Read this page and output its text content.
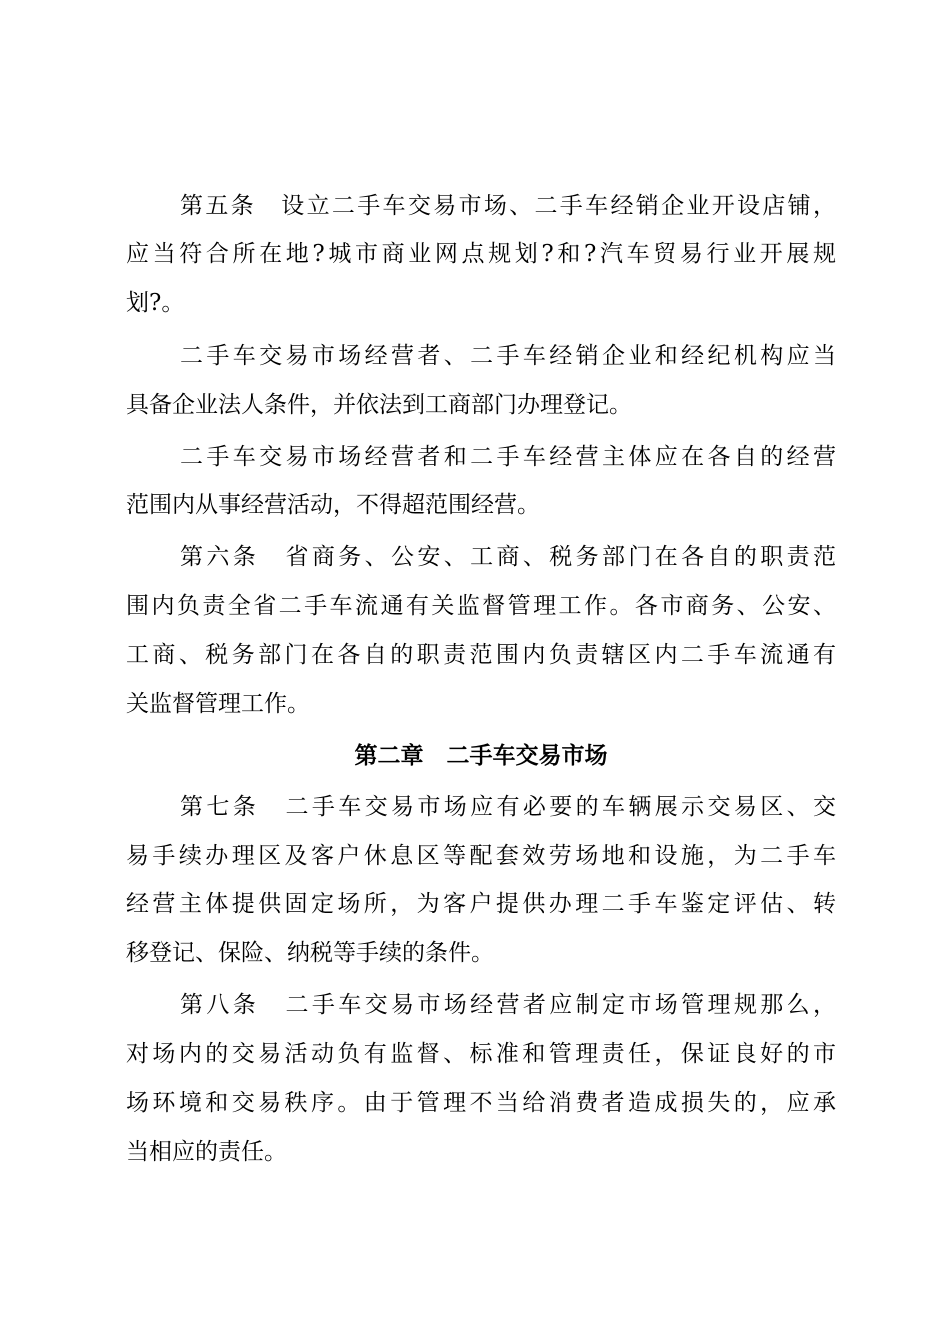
第五条　设立二手车交易市场、二手车经销企业开设店铺，
应当符合所在地?城市商业网点规划?和?汽车贸易行业开展规
划?。
二手车交易市场经营者、二手车经销企业和经纪机构应当
具备企业法人条件，并依法到工商部门办理登记。
二手车交易市场经营者和二手车经营主体应在各自的经营
范围内从事经营活动，不得超范围经营。
第六条　省商务、公安、工商、税务部门在各自的职责范
围内负责全省二手车流通有关监督管理工作。各市商务、公安、
工商、税务部门在各自的职责范围内负责辖区内二手车流通有
关监督管理工作。
第二章　二手车交易市场
第七条　二手车交易市场应有必要的车辆展示交易区、交
易手续办理区及客户休息区等配套效劳场地和设施，为二手车
经营主体提供固定场所，为客户提供办理二手车鉴定评估、转
移登记、保险、纳税等手续的条件。
第八条　二手车交易市场经营者应制定市场管理规那么，
对场内的交易活动负有监督、标准和管理责任，保证良好的市
场环境和交易秩序。由于管理不当给消费者造成损失的，应承
当相应的责任。
